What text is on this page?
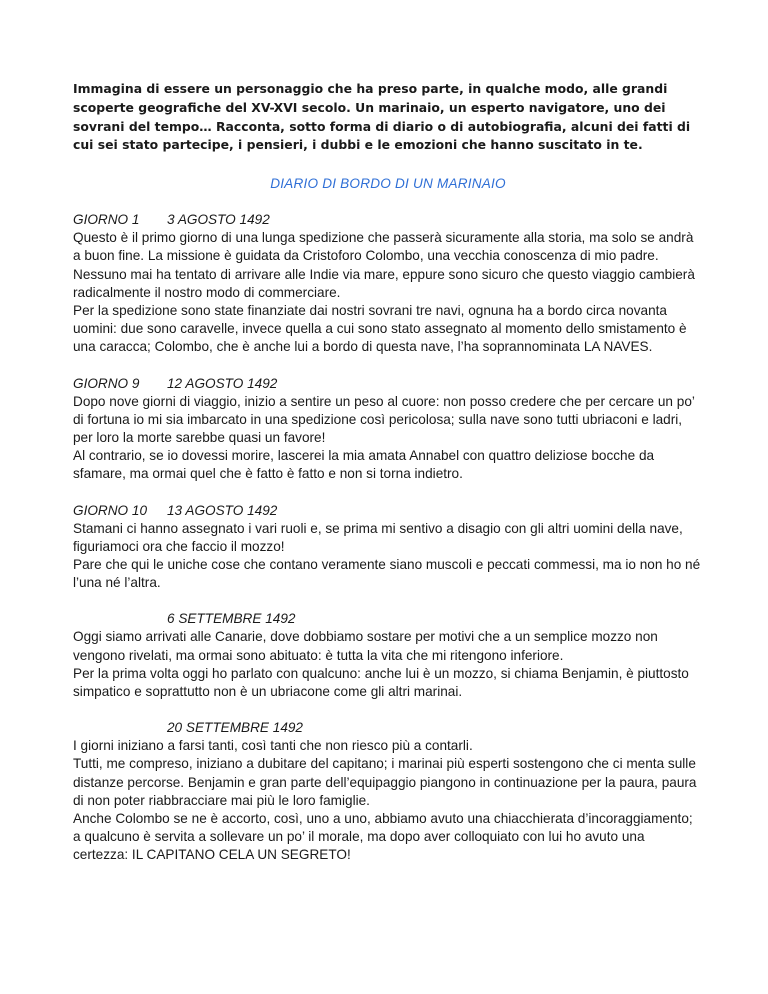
Immagina di essere un personaggio che ha preso parte, in qualche modo, alle grandi scoperte geografiche del XV-XVI secolo. Un marinaio, un esperto navigatore, uno dei sovrani del tempo… Racconta, sotto forma di diario o di autobiografia, alcuni dei fatti di cui sei stato partecipe, i pensieri, i dubbi e le emozioni che hanno suscitato in te.

DIARIO DI BORDO DI UN MARINAIO
GIORNO 1 3 AGOSTO 1492

Questo è il primo giorno di una lunga spedizione che passerà sicuramente alla storia, ma solo se andrà a buon fine. La missione è guidata da Cristoforo Colombo, una vecchia conoscenza di mio padre. Nessuno mai ha tentato di arrivare alle Indie via mare, eppure sono sicuro che questo viaggio cambierà radicalmente il nostro modo di commerciare.

Per la spedizione sono state finanziate dai nostri sovrani tre navi, ognuna ha a bordo circa novanta uomini: due sono caravelle, invece quella a cui sono stato assegnato al momento dello smistamento è una caracca; Colombo, che è anche lui a bordo di questa nave, l’ha soprannominata LA NAVES.

GIORNO 9 12 AGOSTO 1492

Dopo nove giorni di viaggio, inizio a sentire un peso al cuore: non posso credere che per cercare un po’ di fortuna io mi sia imbarcato in una spedizione così pericolosa; sulla nave sono tutti ubriaconi e ladri, per loro la morte sarebbe quasi un favore!

Al contrario, se io dovessi morire, lascerei la mia amata Annabel con quattro deliziose bocche da sfamare, ma ormai quel che è fatto è fatto e non si torna indietro.

GIORNO 10 13 AGOSTO 1492

Stamani ci hanno assegnato i vari ruoli e, se prima mi sentivo a disagio con gli altri uomini della nave, figuriamoci ora che faccio il mozzo!

Pare che qui le uniche cose che contano veramente siano muscoli e peccati commessi, ma io non ho né l’una né l’altra.

6 SETTEMBRE 1492

Oggi siamo arrivati alle Canarie, dove dobbiamo sostare per motivi che a un semplice mozzo non vengono rivelati, ma ormai sono abituato: è tutta la vita che mi ritengono inferiore.

Per la prima volta oggi ho parlato con qualcuno: anche lui è un mozzo, si chiama Benjamin, è piuttosto simpatico e soprattutto non è un ubriacone come gli altri marinai.

20 SETTEMBRE 1492

I giorni iniziano a farsi tanti, così tanti che non riesco più a contarli.

Tutti, me compreso, iniziano a dubitare del capitano; i marinai più esperti sostengono che ci menta sulle distanze percorse. Benjamin e gran parte dell’equipaggio piangono in continuazione per la paura, paura di non poter riabbracciare mai più le loro famiglie.

Anche Colombo se ne è accorto, così, uno a uno, abbiamo avuto una chiacchierata d’incoraggiamento; a qualcuno è servita a sollevare un po’ il morale, ma dopo aver colloquiato con lui ho avuto una certezza: IL CAPITANO CELA UN SEGRETO!
